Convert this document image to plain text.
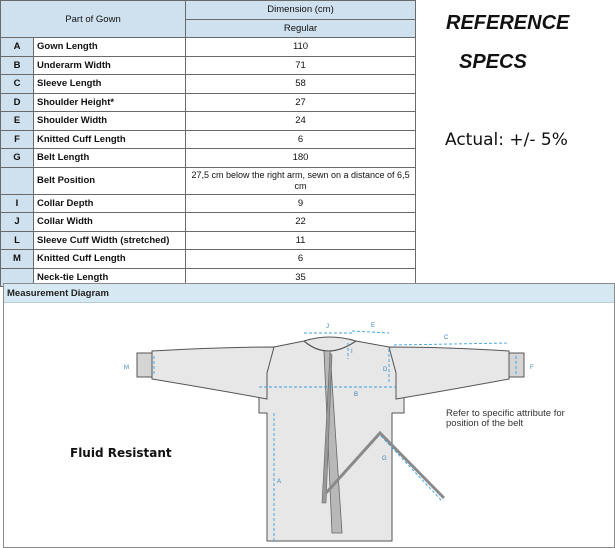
Part of Gown		Dimension (cm)
		Regular
A	Gown Length	110
B	Underarm Width	71
C	Sleeve Length	58
D	Shoulder Height*	27
E	Shoulder Width	24
F	Knitted Cuff Length	6
G	Belt Length	180
	Belt Position	27,5 cm below the right arm, sewn on a distance of 6,5 cm
I	Collar Depth	9
J	Collar Width	22
L	Sleeve Cuff Width (stretched)	11
M	Knitted Cuff Length	6
	Neck-tie Length	35
REFERENCE
SPECS
Actual: +/- 5%
Measurement Diagram
A
B
C
D
E
F
G
I
J
M
Fluid Resistant
Refer to specific attribute for position of the belt
